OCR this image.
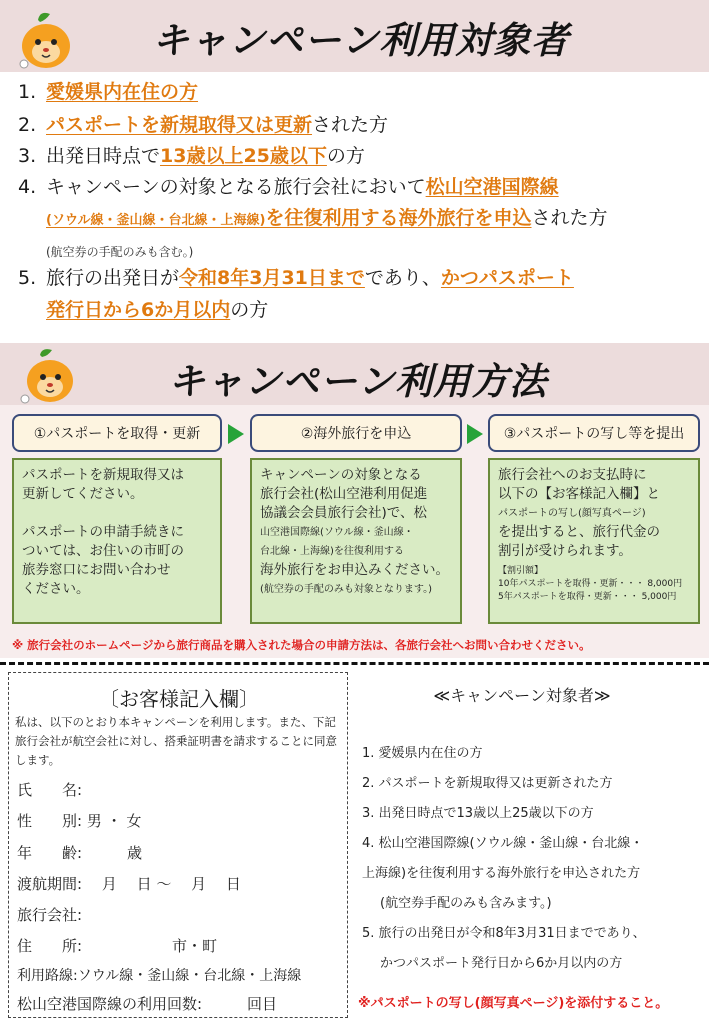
キャンペーン利用対象者
1. 愛媛県内在住の方
2. パスポートを新規取得又は更新された方
3. 出発日時点で13歳以上25歳以下の方
4. キャンペーンの対象となる旅行会社において松山空港国際線
(ソウル線・釜山線・台北線・上海線)を往復利用する海外旅行を申込された方
(航空券の手配のみも含む。)
5. 旅行の出発日が令和8年3月31日までであり、かつパスポート
発行日から6か月以内の方
キャンペーン利用方法
①パスポートを取得・更新	②海外旅行を申込	③パスポートの写し等を提出
パスポートを新規取得又は
更新してください。
パスポートの申請手続きに
ついては、お住いの市町の
旅券窓口にお問い合わせ
ください。
キャンペーンの対象となる
旅行会社(松山空港利用促進
協議会会員旅行会社)で、松
山空港国際線(ソウル線・釜山線・
台北線・上海線)を往復利用する
海外旅行をお申込みください。
(航空券の手配のみも対象となります。)
旅行会社へのお支払時に
以下の【お客様記入欄】と
パスポートの写し(顔写真ページ)
を提出すると、旅行代金の
割引が受けられます。
【割引額】
10年パスポートを取得・更新・・・ 8,000円
5年パスポートを取得・更新・・・ 5,000円
※ 旅行会社のホームページから旅行商品を購入された場合の申請方法は、各旅行会社へお問い合わせください。
〔お客様記入欄〕
私は、以下のとおり本キャンペーンを利用します。また、下記旅行会社が航空会社に対し、搭乗証明書を請求することに同意します。
氏　　名:
性　　別: 男 ・ 女
年　　齢:　　　歳
渡航期間:　 月　 日 〜　 月　 日
旅行会社:
住　　所:　　　　　　市・町
利用路線:ソウル線・釜山線・台北線・上海線
松山空港国際線の利用回数:　　　回目
≪キャンペーン対象者≫
1. 愛媛県内在住の方
2. パスポートを新規取得又は更新された方
3. 出発日時点で13歳以上25歳以下の方
4. 松山空港国際線(ソウル線・釜山線・台北線・
上海線)を往復利用する海外旅行を申込された方
(航空券手配のみも含みます。)
5. 旅行の出発日が令和8年3月31日までであり、
かつパスポート発行日から6か月以内の方
※パスポートの写し(顔写真ページ)を添付すること。
